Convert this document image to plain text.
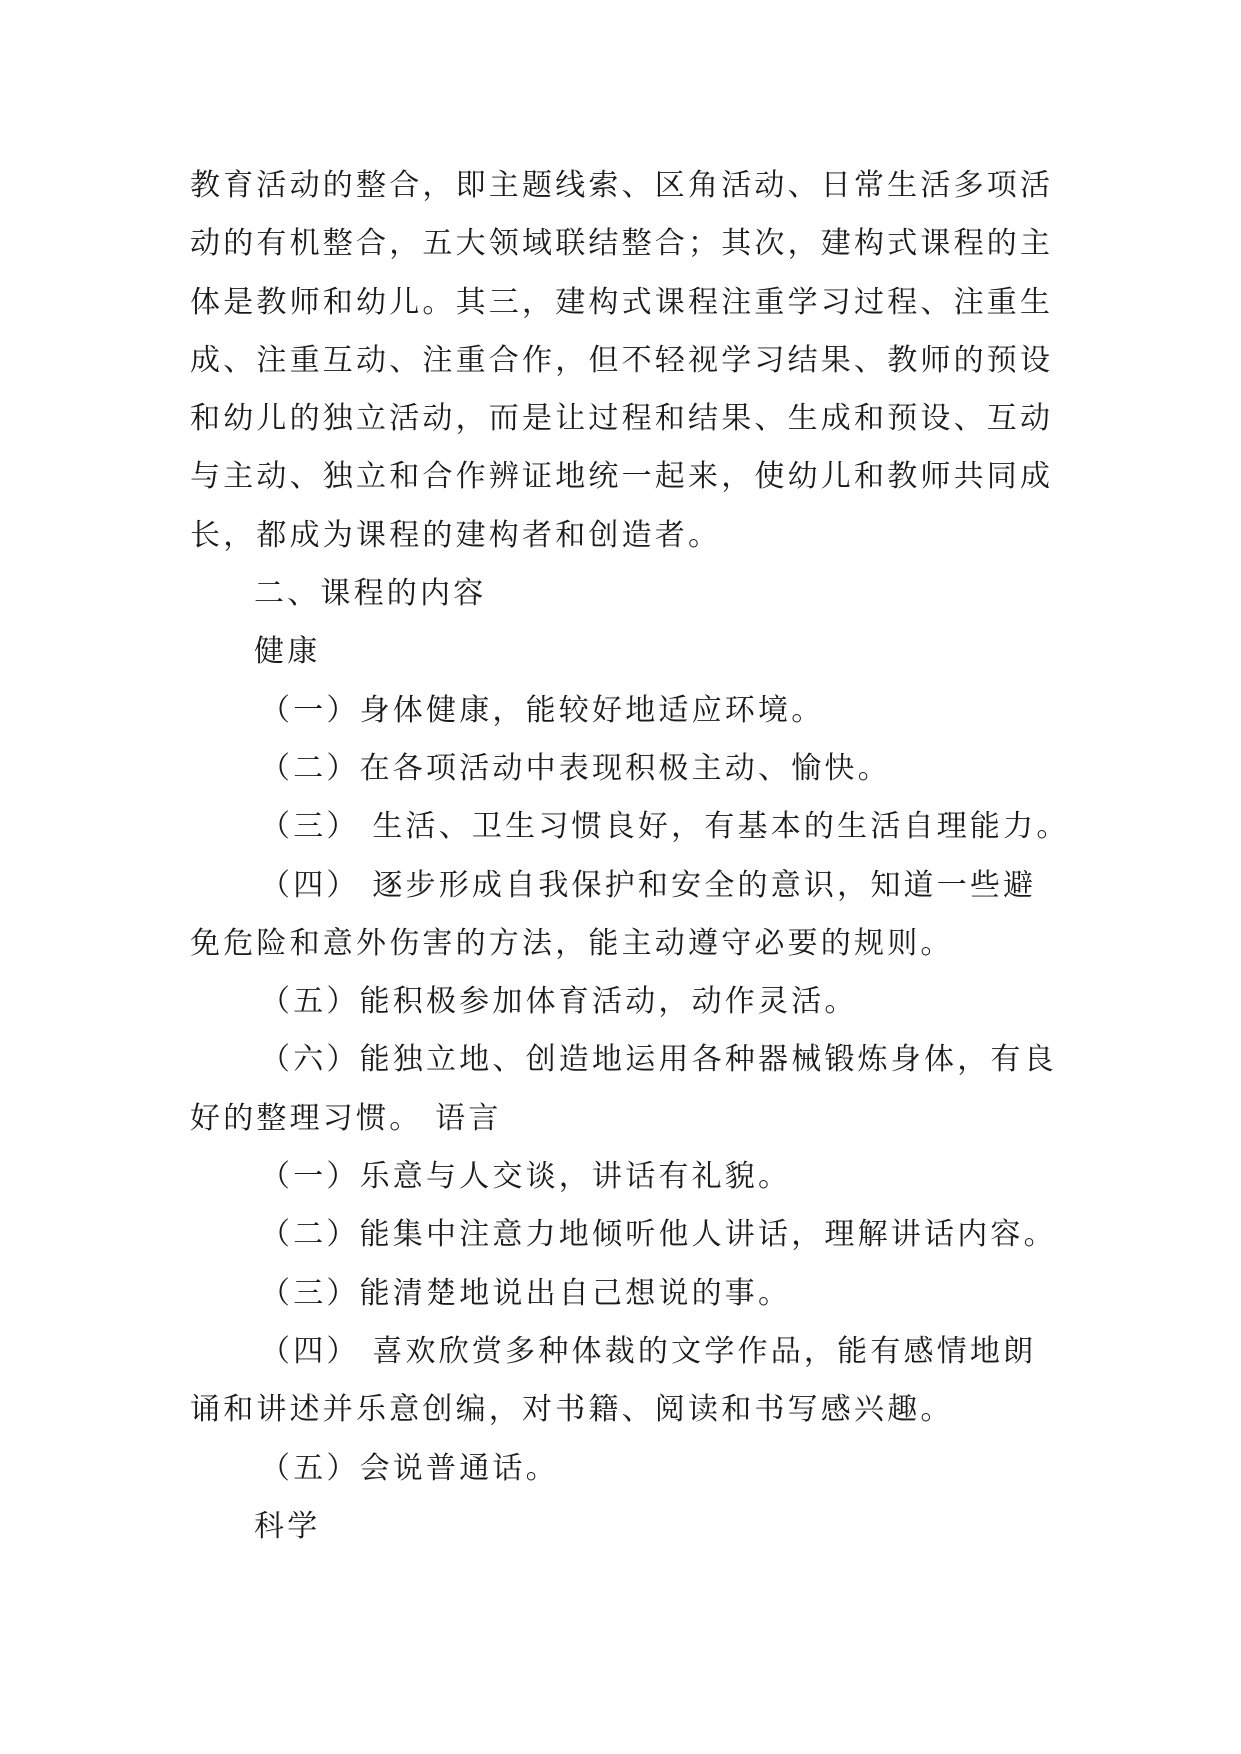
教育活动的整合，即主题线索、区角活动、日常生活多项活

动的有机整合，五大领域联结整合；其次，建构式课程的主

体是教师和幼儿。其三，建构式课程注重学习过程、注重生

成、注重互动、注重合作，但不轻视学习结果、教师的预设

和幼儿的独立活动，而是让过程和结果、生成和预设、互动

与主动、独立和合作辨证地统一起来，使幼儿和教师共同成

长，都成为课程的建构者和创造者。

二、课程的内容

健康

（一）身体健康，能较好地适应环境。

（二）在各项活动中表现积极主动、愉快。

（三） 生活、卫生习惯良好，有基本的生活自理能力。

（四） 逐步形成自我保护和安全的意识，知道一些避

免危险和意外伤害的方法，能主动遵守必要的规则。

（五）能积极参加体育活动，动作灵活。

（六）能独立地、创造地运用各种器械锻炼身体，有良

好的整理习惯。 语言

（一）乐意与人交谈，讲话有礼貌。

（二）能集中注意力地倾听他人讲话，理解讲话内容。

（三）能清楚地说出自己想说的事。

（四） 喜欢欣赏多种体裁的文学作品，能有感情地朗

诵和讲述并乐意创编，对书籍、阅读和书写感兴趣。

（五）会说普通话。

科学
